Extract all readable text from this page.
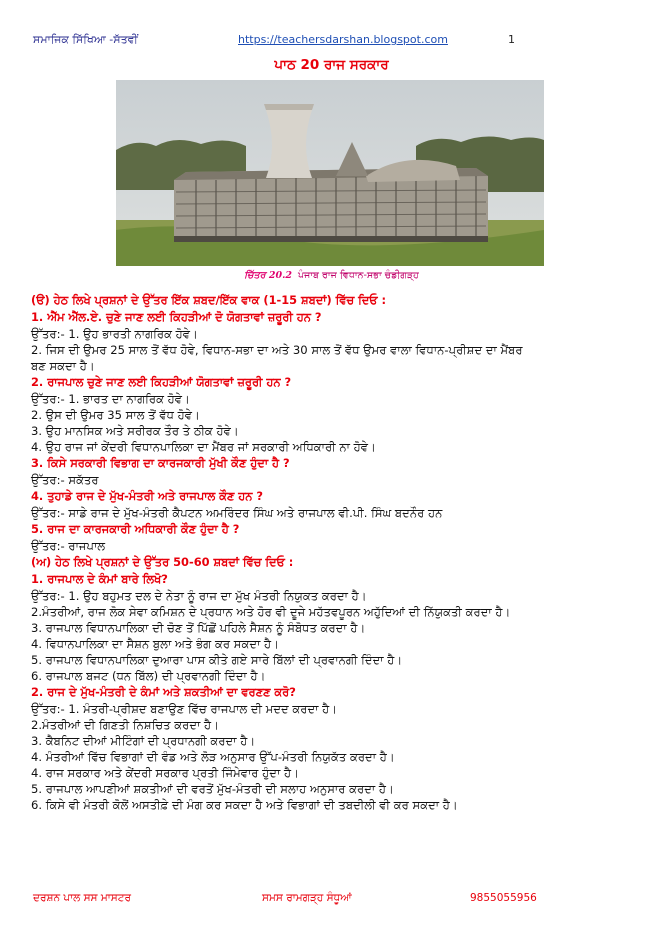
ਸਮਾਜਿਕ ਸਿੱਖਿਆ -ਸੱਤਵੀਂ	https://teachersdarshan.blogspot.com	1
ਪਾਠ 20 ਰਾਜ ਸਰਕਾਰ
ਚਿੱਤਰ 20.2 ਪੰਜਾਬ ਰਾਜ ਵਿਧਾਨ-ਸਭਾ ਚੰਡੀਗੜ੍ਹ
(ੳ) ਹੇਠ ਲਿਖੇ ਪ੍ਰਸ਼ਨਾਂ ਦੇ ਉੱਤਰ ਇੱਕ ਸ਼ਬਦ/ਇੱਕ ਵਾਕ (1-15 ਸ਼ਬਦਾਂ) ਵਿੱਚ ਦਿਓ :
1. ਐੱਮ ਐੱਲ.ਏ. ਚੁਣੇ ਜਾਣ ਲਈ ਕਿਹੜੀਆਂ ਦੋ ਯੋਗਤਾਵਾਂ ਜ਼ਰੂਰੀ ਹਨ ?
ਉੱਤਰ:- 1. ਉਹ ਭਾਰਤੀ ਨਾਗਰਿਕ ਹੋਵੇ।
2. ਜਿਸ ਦੀ ਉਮਰ 25 ਸਾਲ ਤੋਂ ਵੱਧ ਹੋਵੇ, ਵਿਧਾਨ-ਸਭਾ ਦਾ ਅਤੇ 30 ਸਾਲ ਤੋਂ ਵੱਧ ਉਮਰ ਵਾਲਾ ਵਿਧਾਨ-ਪ੍ਰੀਸ਼ਦ ਦਾ ਮੈਂਬਰ
ਬਣ ਸਕਦਾ ਹੈ।
2. ਰਾਜਪਾਲ ਚੁਣੇ ਜਾਣ ਲਈ ਕਿਹੜੀਆਂ ਯੋਗਤਾਵਾਂ ਜ਼ਰੂਰੀ ਹਨ ?
ਉੱਤਰ:- 1. ਭਾਰਤ ਦਾ ਨਾਗਰਿਕ ਹੋਵੇ।
2. ਉਸ ਦੀ ਉਮਰ 35 ਸਾਲ ਤੋਂ ਵੱਧ ਹੋਵੇ।
3. ਉਹ ਮਾਨਸਿਕ ਅਤੇ ਸਰੀਰਕ ਤੌਰ ਤੇ ਠੀਕ ਹੋਵੇ।
4. ਉਹ ਰਾਜ ਜਾਂ ਕੇਂਦਰੀ ਵਿਧਾਨਪਾਲਿਕਾ ਦਾ ਮੈਂਬਰ ਜਾਂ ਸਰਕਾਰੀ ਅਧਿਕਾਰੀ ਨਾ ਹੋਵੇ।
3. ਕਿਸੇ ਸਰਕਾਰੀ ਵਿਭਾਗ ਦਾ ਕਾਰਜਕਾਰੀ ਮੁੱਖੀ ਕੌਣ ਹੁੰਦਾ ਹੈ ?
ਉੱਤਰ:- ਸਕੱਤਰ
4. ਤੁਹਾਡੇ ਰਾਜ ਦੇ ਮੁੱਖ-ਮੰਤਰੀ ਅਤੇ ਰਾਜਪਾਲ ਕੌਣ ਹਨ ?
ਉੱਤਰ:- ਸਾਡੇ ਰਾਜ ਦੇ ਮੁੱਖ-ਮੰਤਰੀ ਕੈਪਟਨ ਅਮਰਿੰਦਰ ਸਿੰਘ ਅਤੇ ਰਾਜਪਾਲ ਵੀ.ਪੀ. ਸਿੰਘ ਬਦਨੌਰ ਹਨ
5. ਰਾਜ ਦਾ ਕਾਰਜਕਾਰੀ ਅਧਿਕਾਰੀ ਕੌਣ ਹੁੰਦਾ ਹੈ ?
ਉੱਤਰ:- ਰਾਜਪਾਲ
(ਅ) ਹੇਠ ਲਿਖੇ ਪ੍ਰਸ਼ਨਾਂ ਦੇ ਉੱਤਰ 50-60 ਸ਼ਬਦਾਂ ਵਿੱਚ ਦਿਓ :
1. ਰਾਜਪਾਲ ਦੇ ਕੰਮਾਂ ਬਾਰੇ ਲਿਖੋ?
ਉੱਤਰ:- 1. ਉਹ ਬਹੁਮਤ ਦਲ ਦੇ ਨੇਤਾ ਨੂੰ ਰਾਜ ਦਾ ਮੁੱਖ ਮੰਤਰੀ ਨਿਯੁਕਤ ਕਰਦਾ ਹੈ।
2.ਮੰਤਰੀਆਂ, ਰਾਜ ਲੋਕ ਸੇਵਾ ਕਮਿਸ਼ਨ ਦੇ ਪ੍ਰਧਾਨ ਅਤੇ ਹੋਰ ਵੀ ਦੂਜੇ ਮਹੱਤਵਪੂਰਨ ਅਹੁੱਦਿਆਂ ਦੀ ਨਿੱਯੁਕਤੀ ਕਰਦਾ ਹੈ।
3. ਰਾਜਪਾਲ ਵਿਧਾਨਪਾਲਿਕਾ ਦੀ ਚੋਣ ਤੋਂ ਪਿੱਛੋਂ ਪਹਿਲੇ ਸੈਸ਼ਨ ਨੂੰ ਸੰਬੋਧਤ ਕਰਦਾ ਹੈ।
4. ਵਿਧਾਨਪਾਲਿਕਾ ਦਾ ਸੈਸ਼ਨ ਬੁਲਾ ਅਤੇ ਭੰਗ ਕਰ ਸਕਦਾ ਹੈ।
5. ਰਾਜਪਾਲ ਵਿਧਾਨਪਾਲਿਕਾ ਦੁਆਰਾ ਪਾਸ ਕੀਤੇ ਗਏ ਸਾਰੇ ਬਿੱਲਾਂ ਦੀ ਪ੍ਰਵਾਨਗੀ ਦਿੰਦਾ ਹੈ।
6. ਰਾਜਪਾਲ ਬਜਟ (ਧਨ ਬਿੱਲ) ਦੀ ਪ੍ਰਵਾਨਗੀ ਦਿੰਦਾ ਹੈ।
2. ਰਾਜ ਦੇ ਮੁੱਖ-ਮੰਤਰੀ ਦੇ ਕੰਮਾਂ ਅਤੇ ਸ਼ਕਤੀਆਂ ਦਾ ਵਰਣਣ ਕਰੋ?
ਉੱਤਰ:- 1. ਮੰਤਰੀ-ਪ੍ਰੀਸ਼ਦ ਬਣਾਉਣ ਵਿੱਚ ਰਾਜਪਾਲ ਦੀ ਮਦਦ ਕਰਦਾ ਹੈ।
2.ਮੰਤਰੀਆਂ ਦੀ ਗਿਣਤੀ ਨਿਸ਼ਚਿਤ ਕਰਦਾ ਹੈ।
3. ਕੈਬਨਿਟ ਦੀਆਂ ਮੀਟਿੰਗਾਂ ਦੀ ਪ੍ਰਧਾਨਗੀ ਕਰਦਾ ਹੈ।
4. ਮੰਤਰੀਆਂ ਵਿੱਚ ਵਿਭਾਗਾਂ ਦੀ ਵੰਡ ਅਤੇ ਲੋੜ ਅਨੁਸਾਰ ਉੱਪ-ਮੰਤਰੀ ਨਿਯੁਕੱਤ ਕਰਦਾ ਹੈ।
4. ਰਾਜ ਸਰਕਾਰ ਅਤੇ ਕੇਂਦਰੀ ਸਰਕਾਰ ਪ੍ਰਤੀ ਜਿੰਮੇਵਾਰ ਹੁੰਦਾ ਹੈ।
5. ਰਾਜਪਾਲ ਆਪਣੀਆਂ ਸ਼ਕਤੀਆਂ ਦੀ ਵਰਤੋਂ ਮੁੱਖ-ਮੰਤਰੀ ਦੀ ਸਲਾਹ ਅਨੁਸਾਰ ਕਰਦਾ ਹੈ।
6. ਕਿਸੇ ਵੀ ਮੰਤਰੀ ਕੋਲੋਂ ਅਸਤੀਫ਼ੇ ਦੀ ਮੰਗ ਕਰ ਸਕਦਾ ਹੈ ਅਤੇ ਵਿਭਾਗਾਂ ਦੀ ਤਬਦੀਲੀ ਵੀ ਕਰ ਸਕਦਾ ਹੈ।
ਦਰਸ਼ਨ ਪਾਲ ਸਸ ਮਾਸਟਰ	ਸਮਸ ਰਾਮਗੜ੍ਹ ਸੰਧੂਆਂ	9855055956
